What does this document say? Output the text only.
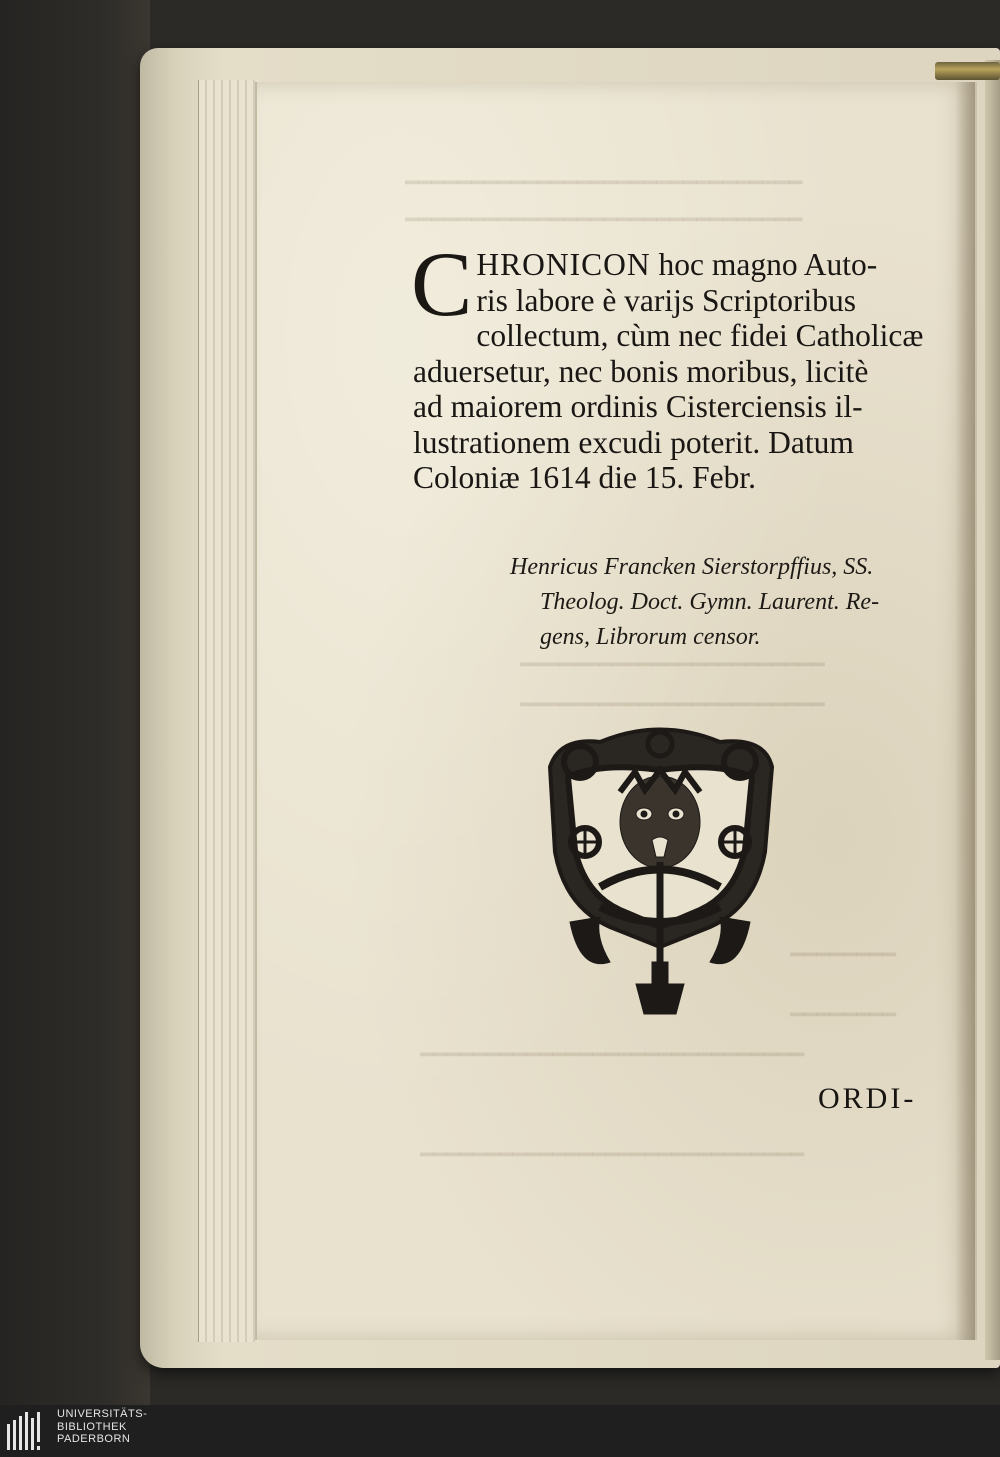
━━━━━━━━━━━━━━━━━━━━━━━━━━━━━━
━━━━━━━━━━━━━━━━━━━━━━━━━━━━━━
━━━━━━━━━━━━━━━━━━━━━━━
━━━━━━━━━━━━━━━━━━━━━━━
━━━━━━━━
━━━━━━━━
━━━━━━━━━━━━━━━━━━━━━━━━━━━━━
━━━━━━━━━━━━━━━━━━━━━━━━━━━━━
C HRONICON hoc magno Auto-
ris labore è varijs Scriptoribus
collectum, cùm nec fidei Catholicæ
aduersetur, nec bonis moribus, licitè
ad maiorem ordinis Cisterciensis il-
lustrationem excudi poterit. Datum
Coloniæ 1614 die 15. Febr.
Henricus Francken Sierstorpffius, SS.
Theolog. Doct. Gymn. Laurent. Re-
gens, Librorum censor.
ORDI-
UNIVERSITÄTS-
BIBLIOTHEK
PADERBORN
